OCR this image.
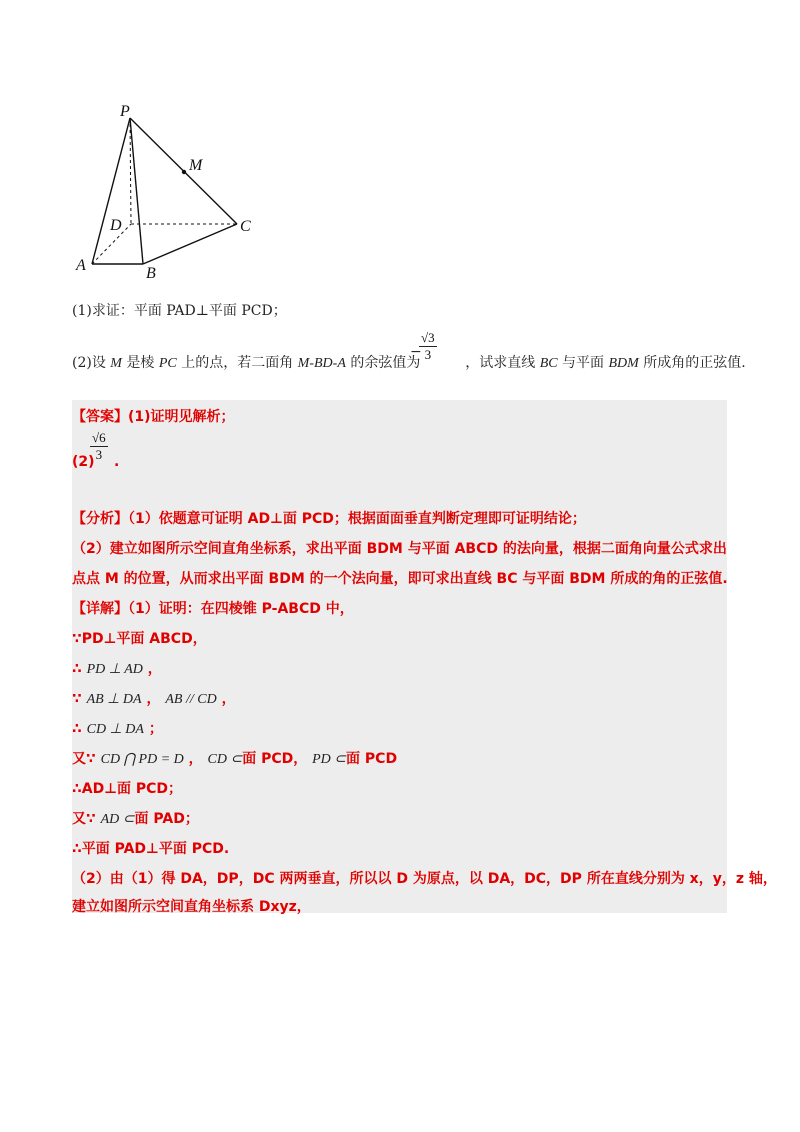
P
M
D	C
A	B
(1)求证：平面 PAD⊥平面 PCD；
(2)设 M 是棱 PC 上的点，若二面角 M-BD-A 的余弦值为	，试求直线 BC 与平面 BDM 所成角的正弦值.
−
$\frac{√3}{3}$
【答案】(1)证明见解析；
$\frac{√6}{3}$
(2) .
【分析】（1）依题意可证明 AD⊥面 PCD；根据面面垂直判断定理即可证明结论；
（2）建立如图所示空间直角坐标系，求出平面 BDM 与平面 ABCD 的法向量，根据二面角向量公式求出
点点 M 的位置，从而求出平面 BDM 的一个法向量，即可求出直线 BC 与平面 BDM 所成的角的正弦值.
【详解】（1）证明：在四棱锥 P-ABCD 中，
∵PD⊥平面 ABCD，
∴ PD ⊥ AD ，
∵ AB ⊥ DA ， AB // CD ，
∴ CD ⊥ DA ；
又∵ CD ⋂ PD = D ， CD ⊂面 PCD， PD ⊂面 PCD
∴AD⊥面 PCD；
又∵ AD ⊂面 PAD；
∴平面 PAD⊥平面 PCD.
（2）由（1）得 DA，DP，DC 两两垂直，所以以 D 为原点，以 DA，DC，DP 所在直线分别为 x，y，z 轴，
建立如图所示空间直角坐标系 Dxyz，
